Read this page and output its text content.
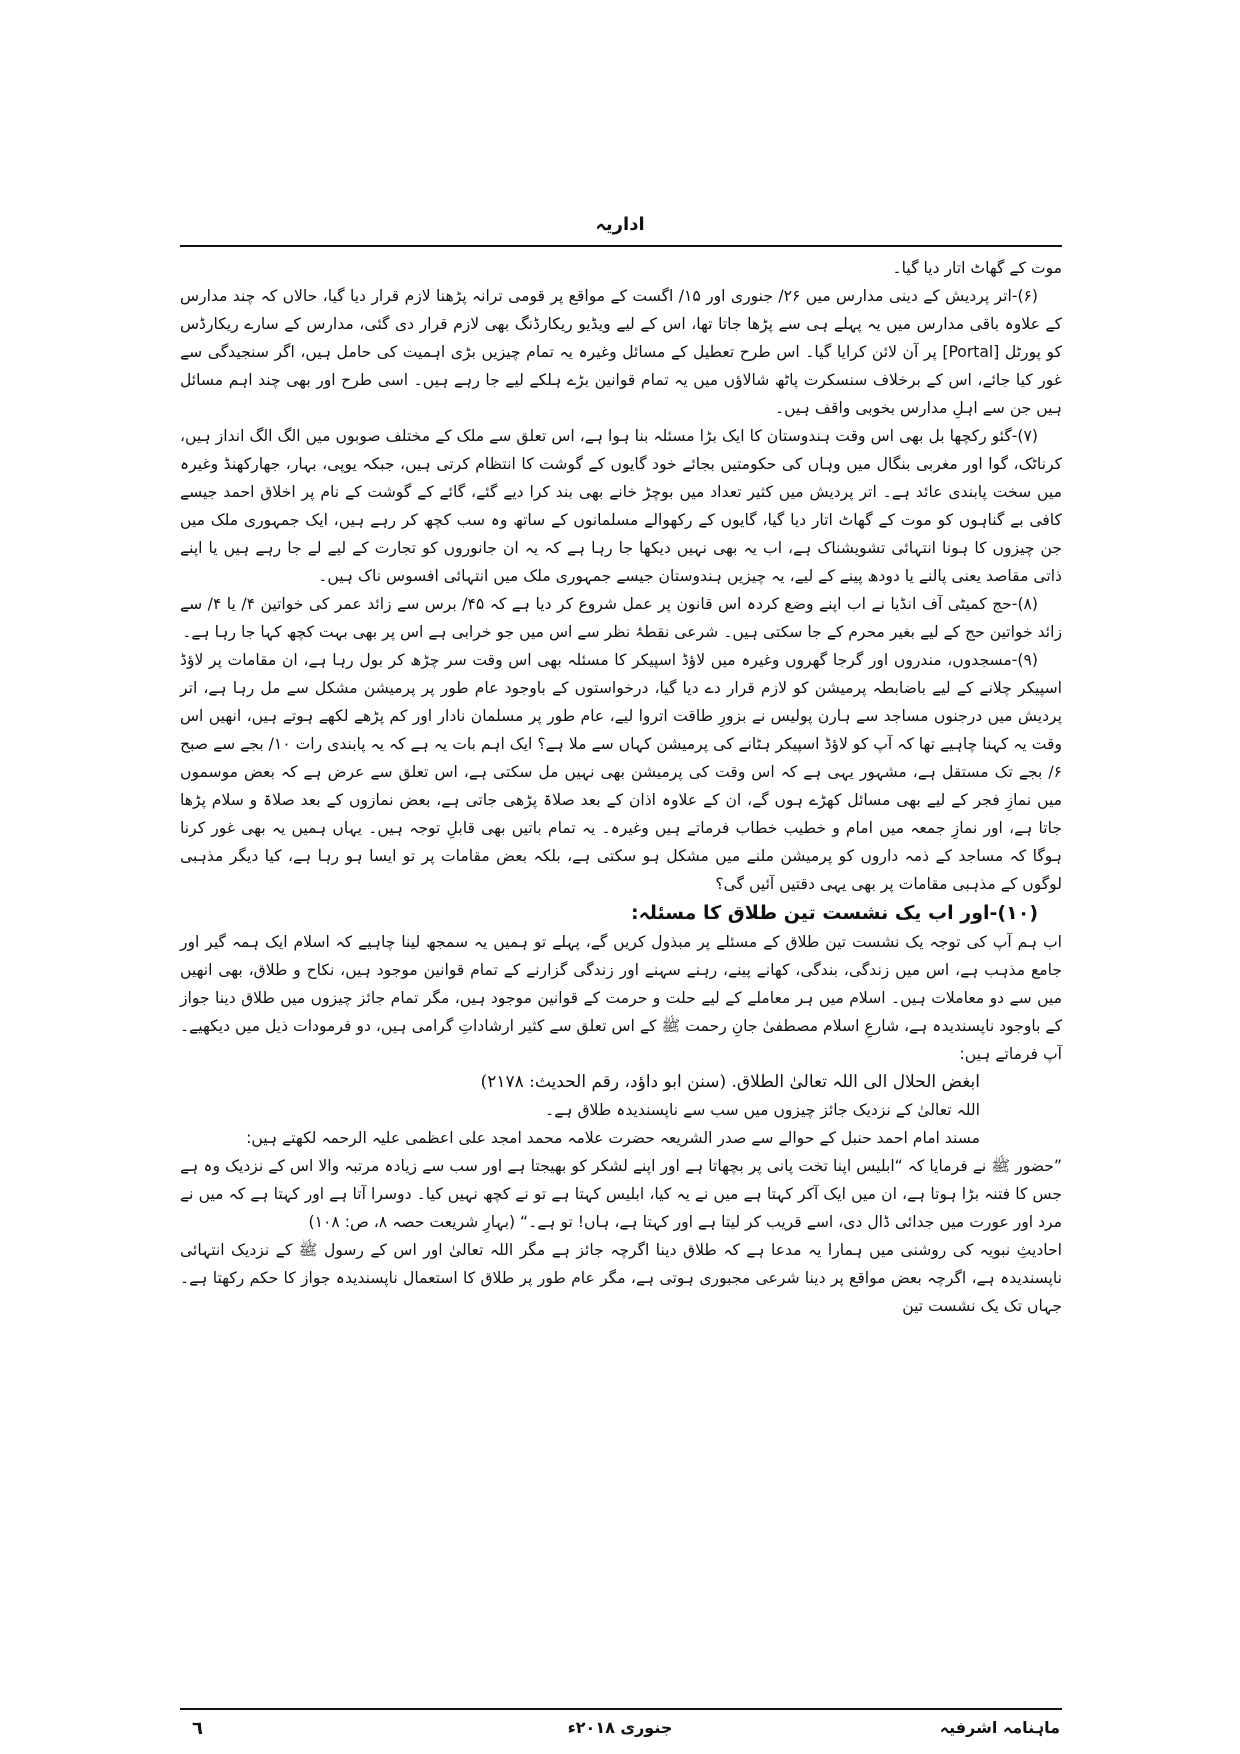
اداریہ

موت کے گھاٹ اتار دیا گیا۔

(۶)-اتر پردیش کے دینی مدارس میں ۲۶/ جنوری اور ۱۵/ اگست کے مواقع پر قومی ترانہ پڑھنا لازم قرار دیا گیا، حالاں کہ چند مدارس کے علاوہ باقی مدارس میں یہ پہلے ہی سے پڑھا جاتا تھا، اس کے لیے ویڈیو ریکارڈنگ بھی لازم قرار دی گئی، مدارس کے سارے ریکارڈس کو پورٹل [Portal] پر آن لائن کرایا گیا۔ اس طرح تعطیل کے مسائل وغیرہ یہ تمام چیزیں بڑی اہمیت کی حامل ہیں، اگر سنجیدگی سے غور کیا جائے، اس کے برخلاف سنسکرت پاٹھ شالاؤں میں یہ تمام قوانین بڑے ہلکے لیے جا رہے ہیں۔ اسی طرح اور بھی چند اہم مسائل ہیں جن سے اہلِ مدارس بخوبی واقف ہیں۔

(۷)-گئو رکچھا بل بھی اس وقت ہندوستان کا ایک بڑا مسئلہ بنا ہوا ہے، اس تعلق سے ملک کے مختلف صوبوں میں الگ الگ انداز ہیں، کرناٹک، گوا اور مغربی بنگال میں وہاں کی حکومتیں بجائے خود گایوں کے گوشت کا انتظام کرتی ہیں، جبکہ یوپی، بہار، جھارکھنڈ وغیرہ میں سخت پابندی عائد ہے۔ اتر پردیش میں کثیر تعداد میں بوچڑ خانے بھی بند کرا دیے گئے، گائے کے گوشت کے نام پر اخلاق احمد جیسے کافی بے گناہوں کو موت کے گھاٹ اتار دیا گیا، گایوں کے رکھوالے مسلمانوں کے ساتھ وہ سب کچھ کر رہے ہیں، ایک جمہوری ملک میں جن چیزوں کا ہونا انتہائی تشویشناک ہے، اب یہ بھی نہیں دیکھا جا رہا ہے کہ یہ ان جانوروں کو تجارت کے لیے لے جا رہے ہیں یا اپنے ذاتی مقاصد یعنی پالنے یا دودھ پینے کے لیے، یہ چیزیں ہندوستان جیسے جمہوری ملک میں انتہائی افسوس ناک ہیں۔

(۸)-حج کمیٹی آف انڈیا نے اب اپنے وضع کردہ اس قانون پر عمل شروع کر دیا ہے کہ ۴۵/ برس سے زائد عمر کی خواتین ۴/ یا ۴/ سے زائد خواتین حج کے لیے بغیر محرم کے جا سکتی ہیں۔ شرعی نقطۂ نظر سے اس میں جو خرابی ہے اس پر بھی بہت کچھ کہا جا رہا ہے۔

(۹)-مسجدوں، مندروں اور گرجا گھروں وغیرہ میں لاؤڈ اسپیکر کا مسئلہ بھی اس وقت سر چڑھ کر بول رہا ہے، ان مقامات پر لاؤڈ اسپیکر چلانے کے لیے باضابطہ پرمیشن کو لازم قرار دے دیا گیا، درخواستوں کے باوجود عام طور پر پرمیشن مشکل سے مل رہا ہے، اتر پردیش میں درجنوں مساجد سے ہارن پولیس نے بزورِ طاقت اتروا لیے، عام طور پر مسلمان نادار اور کم پڑھے لکھے ہوتے ہیں، انھیں اس وقت یہ کہنا چاہیے تھا کہ آپ کو لاؤڈ اسپیکر ہٹانے کی پرمیشن کہاں سے ملا ہے؟ ایک اہم بات یہ ہے کہ یہ پابندی رات ۱۰/ بجے سے صبح ۶/ بجے تک مستقل ہے، مشہور یہی ہے کہ اس وقت کی پرمیشن بھی نہیں مل سکتی ہے، اس تعلق سے عرض ہے کہ بعض موسموں میں نمازِ فجر کے لیے بھی مسائل کھڑے ہوں گے، ان کے علاوہ اذان کے بعد صلاۃ پڑھی جاتی ہے، بعض نمازوں کے بعد صلاۃ و سلام پڑھا جاتا ہے، اور نمازِ جمعہ میں امام و خطیب خطاب فرماتے ہیں وغیرہ۔ یہ تمام باتیں بھی قابلِ توجہ ہیں۔ یہاں ہمیں یہ بھی غور کرنا ہوگا کہ مساجد کے ذمہ داروں کو پرمیشن ملنے میں مشکل ہو سکتی ہے، بلکہ بعض مقامات پر تو ایسا ہو رہا ہے، کیا دیگر مذہبی لوگوں کے مذہبی مقامات پر بھی یہی دقتیں آئیں گی؟

(۱۰)-اور اب یک نشست تین طلاق کا مسئلہ:

اب ہم آپ کی توجہ یک نشست تین طلاق کے مسئلے پر مبذول کریں گے، پہلے تو ہمیں یہ سمجھ لینا چاہیے کہ اسلام ایک ہمہ گیر اور جامع مذہب ہے، اس میں زندگی، بندگی، کھانے پینے، رہنے سہنے اور زندگی گزارنے کے تمام قوانین موجود ہیں، نکاح و طلاق، بھی انھیں میں سے دو معاملات ہیں۔ اسلام میں ہر معاملے کے لیے حلت و حرمت کے قوانین موجود ہیں، مگر تمام جائز چیزوں میں طلاق دینا جواز کے باوجود ناپسندیدہ ہے، شارعِ اسلام مصطفیٰ جانِ رحمت ﷺ کے اس تعلق سے کثیر ارشاداتِ گرامی ہیں، دو فرمودات ذیل میں دیکھیے۔ آپ فرماتے ہیں:

ابغض الحلال الی اللہ تعالیٰ الطلاق. (سنن ابو داؤد، رقم الحدیث: ۲۱۷۸)

اللہ تعالیٰ کے نزدیک جائز چیزوں میں سب سے ناپسندیدہ طلاق ہے۔

مسند امام احمد حنبل کے حوالے سے صدر الشریعہ حضرت علامہ محمد امجد علی اعظمی علیہ الرحمہ لکھتے ہیں:

”حضور ﷺ نے فرمایا کہ “ابلیس اپنا تخت پانی پر بچھاتا ہے اور اپنے لشکر کو بھیجتا ہے اور سب سے زیادہ مرتبہ والا اس کے نزدیک وہ ہے جس کا فتنہ بڑا ہوتا ہے، ان میں ایک آکر کہتا ہے میں نے یہ کیا، ابلیس کہتا ہے تو نے کچھ نہیں کیا۔ دوسرا آتا ہے اور کہتا ہے کہ میں نے مرد اور عورت میں جدائی ڈال دی، اسے قریب کر لیتا ہے اور کہتا ہے، ہاں! تو ہے۔“ (بہارِ شریعت حصہ ۸، ص: ۱۰۸)

احادیثِ نبویہ کی روشنی میں ہمارا یہ مدعا ہے کہ طلاق دینا اگرچہ جائز ہے مگر اللہ تعالیٰ اور اس کے رسول ﷺ کے نزدیک انتہائی ناپسندیدہ ہے، اگرچہ بعض مواقع پر دینا شرعی مجبوری ہوتی ہے، مگر عام طور پر طلاق کا استعمال ناپسندیدہ جواز کا حکم رکھتا ہے۔ جہاں تک یک نشست تین

ماہنامہ اشرفیہ
جنوری ۲۰۱۸ء
٦
